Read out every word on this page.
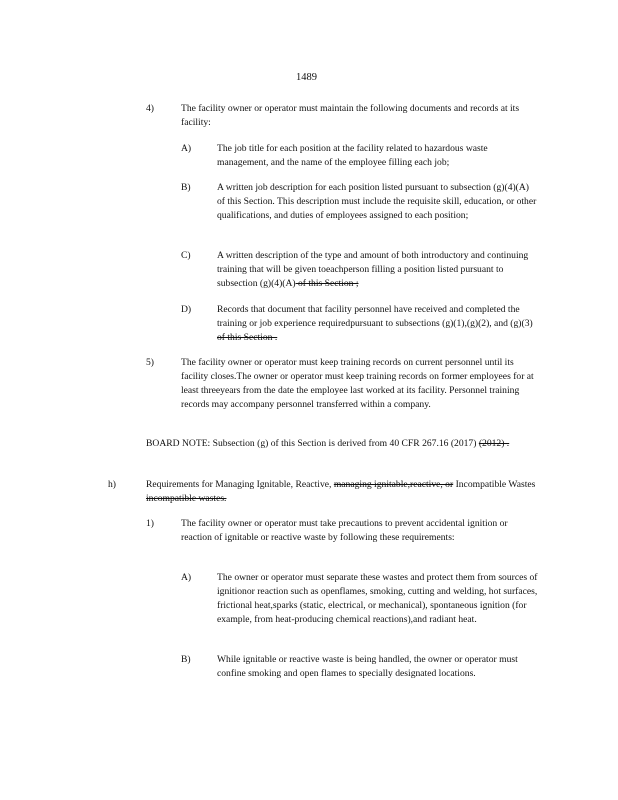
1489
4)	The facility owner or operator must maintain the following documents and records at its facility:
A)	The job title for each position at the facility related to hazardous waste management, and the name of the employee filling each job;
B)	A written job description for each position listed pursuant to subsection (g)(4)(A) of this Section. This description must include the requisite skill, education, or other qualifications, and duties of employees assigned to each position;
C)	A written description of the type and amount of both introductory and continuing training that will be given toeachperson filling a position listed pursuant to subsection (g)(4)(A) of this Section ;
D)	Records that document that facility personnel have received and completed the training or job experience requiredpursuant to subsections (g)(1),(g)(2), and (g)(3) of this Section .
5)	The facility owner or operator must keep training records on current personnel until its facility closes.The owner or operator must keep training records on former employees for at least threeyears from the date the employee last worked at its facility. Personnel training records may accompany personnel transferred within a company.
BOARD NOTE: Subsection (g) of this Section is derived from 40 CFR 267.16 (2017) (2012) .
h)	Requirements for Managing Ignitable, Reactive, managing ignitable,reactive, or Incompatible Wastes incompatible wastes.
1)	The facility owner or operator must take precautions to prevent accidental ignition or reaction of ignitable or reactive waste by following these requirements:
A)	The owner or operator must separate these wastes and protect them from sources of ignitionor reaction such as openflames, smoking, cutting and welding, hot surfaces, frictional heat,sparks (static, electrical, or mechanical), spontaneous ignition (for example, from heat-producing chemical reactions),and radiant heat.
B)	While ignitable or reactive waste is being handled, the owner or operator must confine smoking and open flames to specially designated locations.
